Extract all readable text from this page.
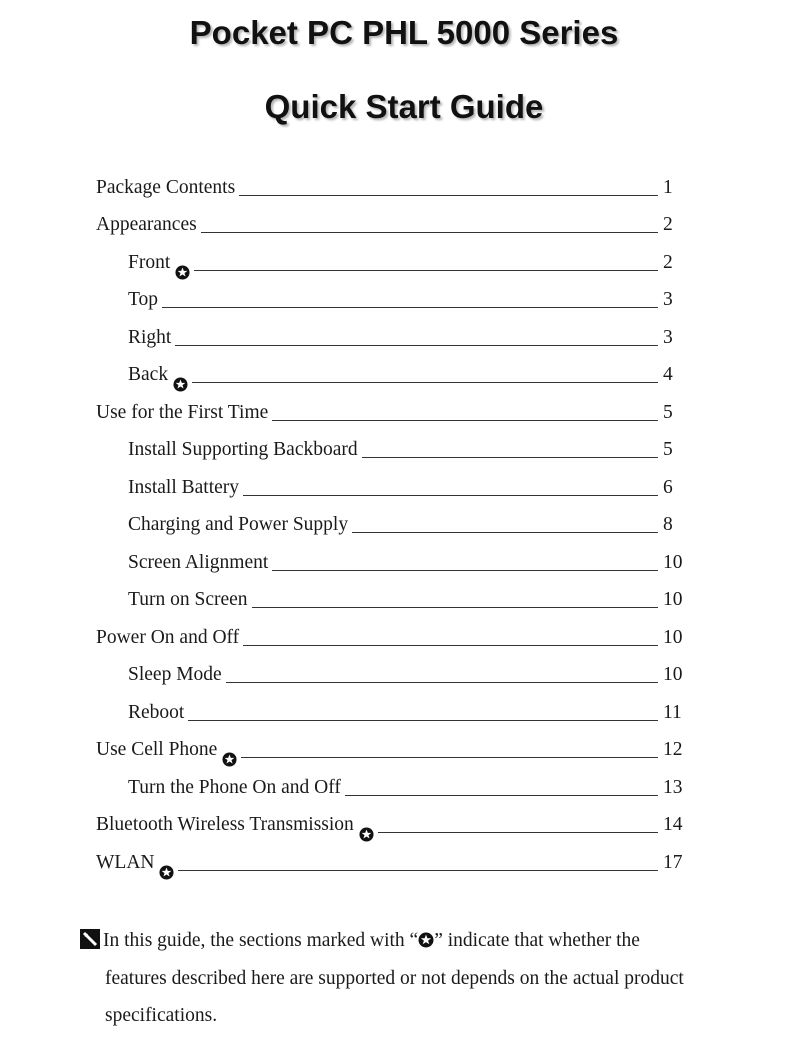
Pocket PC PHL 5000 Series
Quick Start Guide
Package Contents	1
Appearances	2
Front	2
Top	3
Right	3
Back	4
Use for the First Time	5
Install Supporting Backboard	5
Install Battery	6
Charging and Power Supply	8
Screen Alignment	10
Turn on Screen	10
Power On and Off	10
Sleep Mode	10
Reboot	11
Use Cell Phone	12
Turn the Phone On and Off	13
Bluetooth Wireless Transmission	14
WLAN	17
In this guide, the sections marked with “ ” indicate that whether the
features described here are supported or not depends on the actual product
specifications.
